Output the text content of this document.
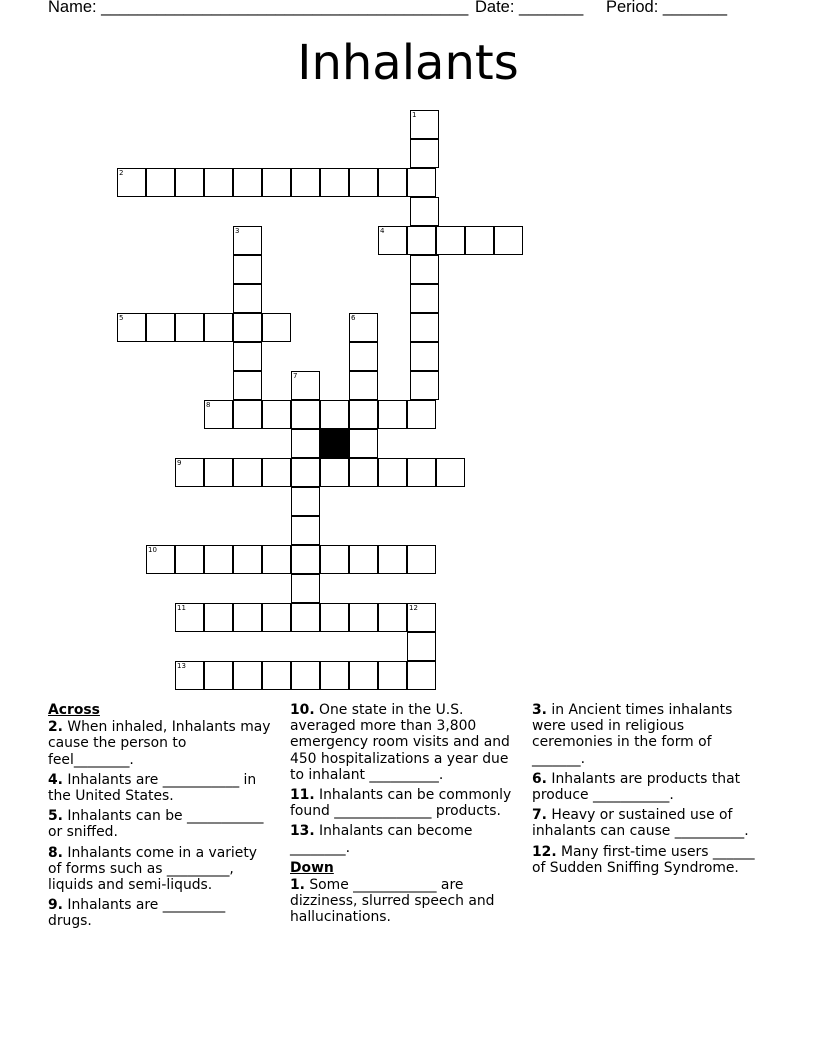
Name: ________________________________________ Date: _______ Period: _______
Inhalants
1
2
3	4
5	6
7
8
9
10
11	12
13
Across
2. When inhaled, Inhalants may cause the person to feel________.
4. Inhalants are ___________ in the United States.
5. Inhalants can be ___________ or sniffed.
8. Inhalants come in a variety of forms such as _________, liquids and semi-liquds.
9. Inhalants are _________ drugs.
10. One state in the U.S. averaged more than 3,800 emergency room visits and and 450 hospitalizations a year due to inhalant __________.
11. Inhalants can be commonly found ______________ products.
13. Inhalants can become ________.
Down
1. Some ____________ are dizziness, slurred speech and hallucinations.
3. in Ancient times inhalants were used in religious ceremonies in the form of _______.
6. Inhalants are products that produce ___________.
7. Heavy or sustained use of inhalants can cause __________.
12. Many first-time users ______ of Sudden Sniffing Syndrome.
